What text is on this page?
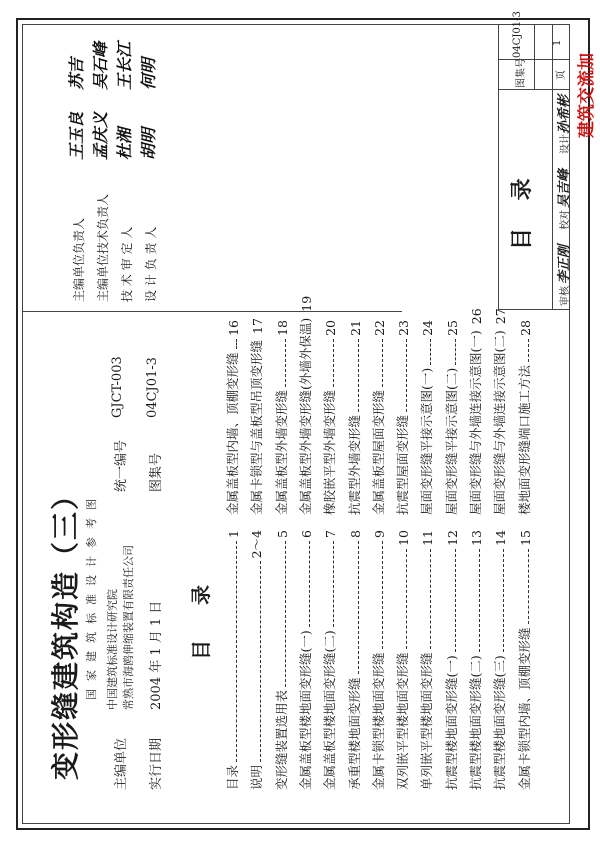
变形缝建筑构造（三） 国家建筑标准设计参考图
主编单位
中国建筑标准设计研究院 常熟市海鸥伸缩装置有限责任公司
统一编号
GJCT-003
实行日期
2004 年 1 月 1 日
图集号
04CJ01-3
目 录
目录
1
说明
2～4
变形缝装置选用表
5
金属盖板型楼地面变形缝(一)
6
金属盖板型楼地面变形缝(二)
7
承重型楼地面变形缝
8
金属卡锁型楼地面变形缝
9
双列嵌平型楼地面变形缝
10
单列嵌平型楼地面变形缝
11
抗震型楼地面变形缝(一)
12
抗震型楼地面变形缝(二)
13
抗震型楼地面变形缝(三)
14
金属卡锁型内墙、顶棚变形缝
15
金属盖板型内墙、顶棚变形缝
16
金属卡锁型与盖板型吊顶变形缝
17
金属盖板型外墙变形缝
18 金属盖板型外墙变形缝(外墙外保温)
19
橡胶嵌平型外墙变形缝
20
抗震型外墙变形缝
21
金属盖板型屋面变形缝
22
抗震型屋面变形缝
23
屋面变形缝平接示意图(一)
24
屋面变形缝平接示意图(二)
25
屋面变形缝与外墙连接示意图(一)
26
屋面变形缝与外墙连接示意图(二)
27
楼地面变形缝端口施工方法
28
主编单位负责人
王玉良
苏吉
主编单位技术负责人
孟庆义
吴石峰
技 术 审 定 人
杜湘
王长江
设 计 负 责 人
胡明
何明
目 录
审核
李正刚
校对
吴吉峰
设计
孙希彬
图集号
04CJ01-3
页
1
建筑交流加
